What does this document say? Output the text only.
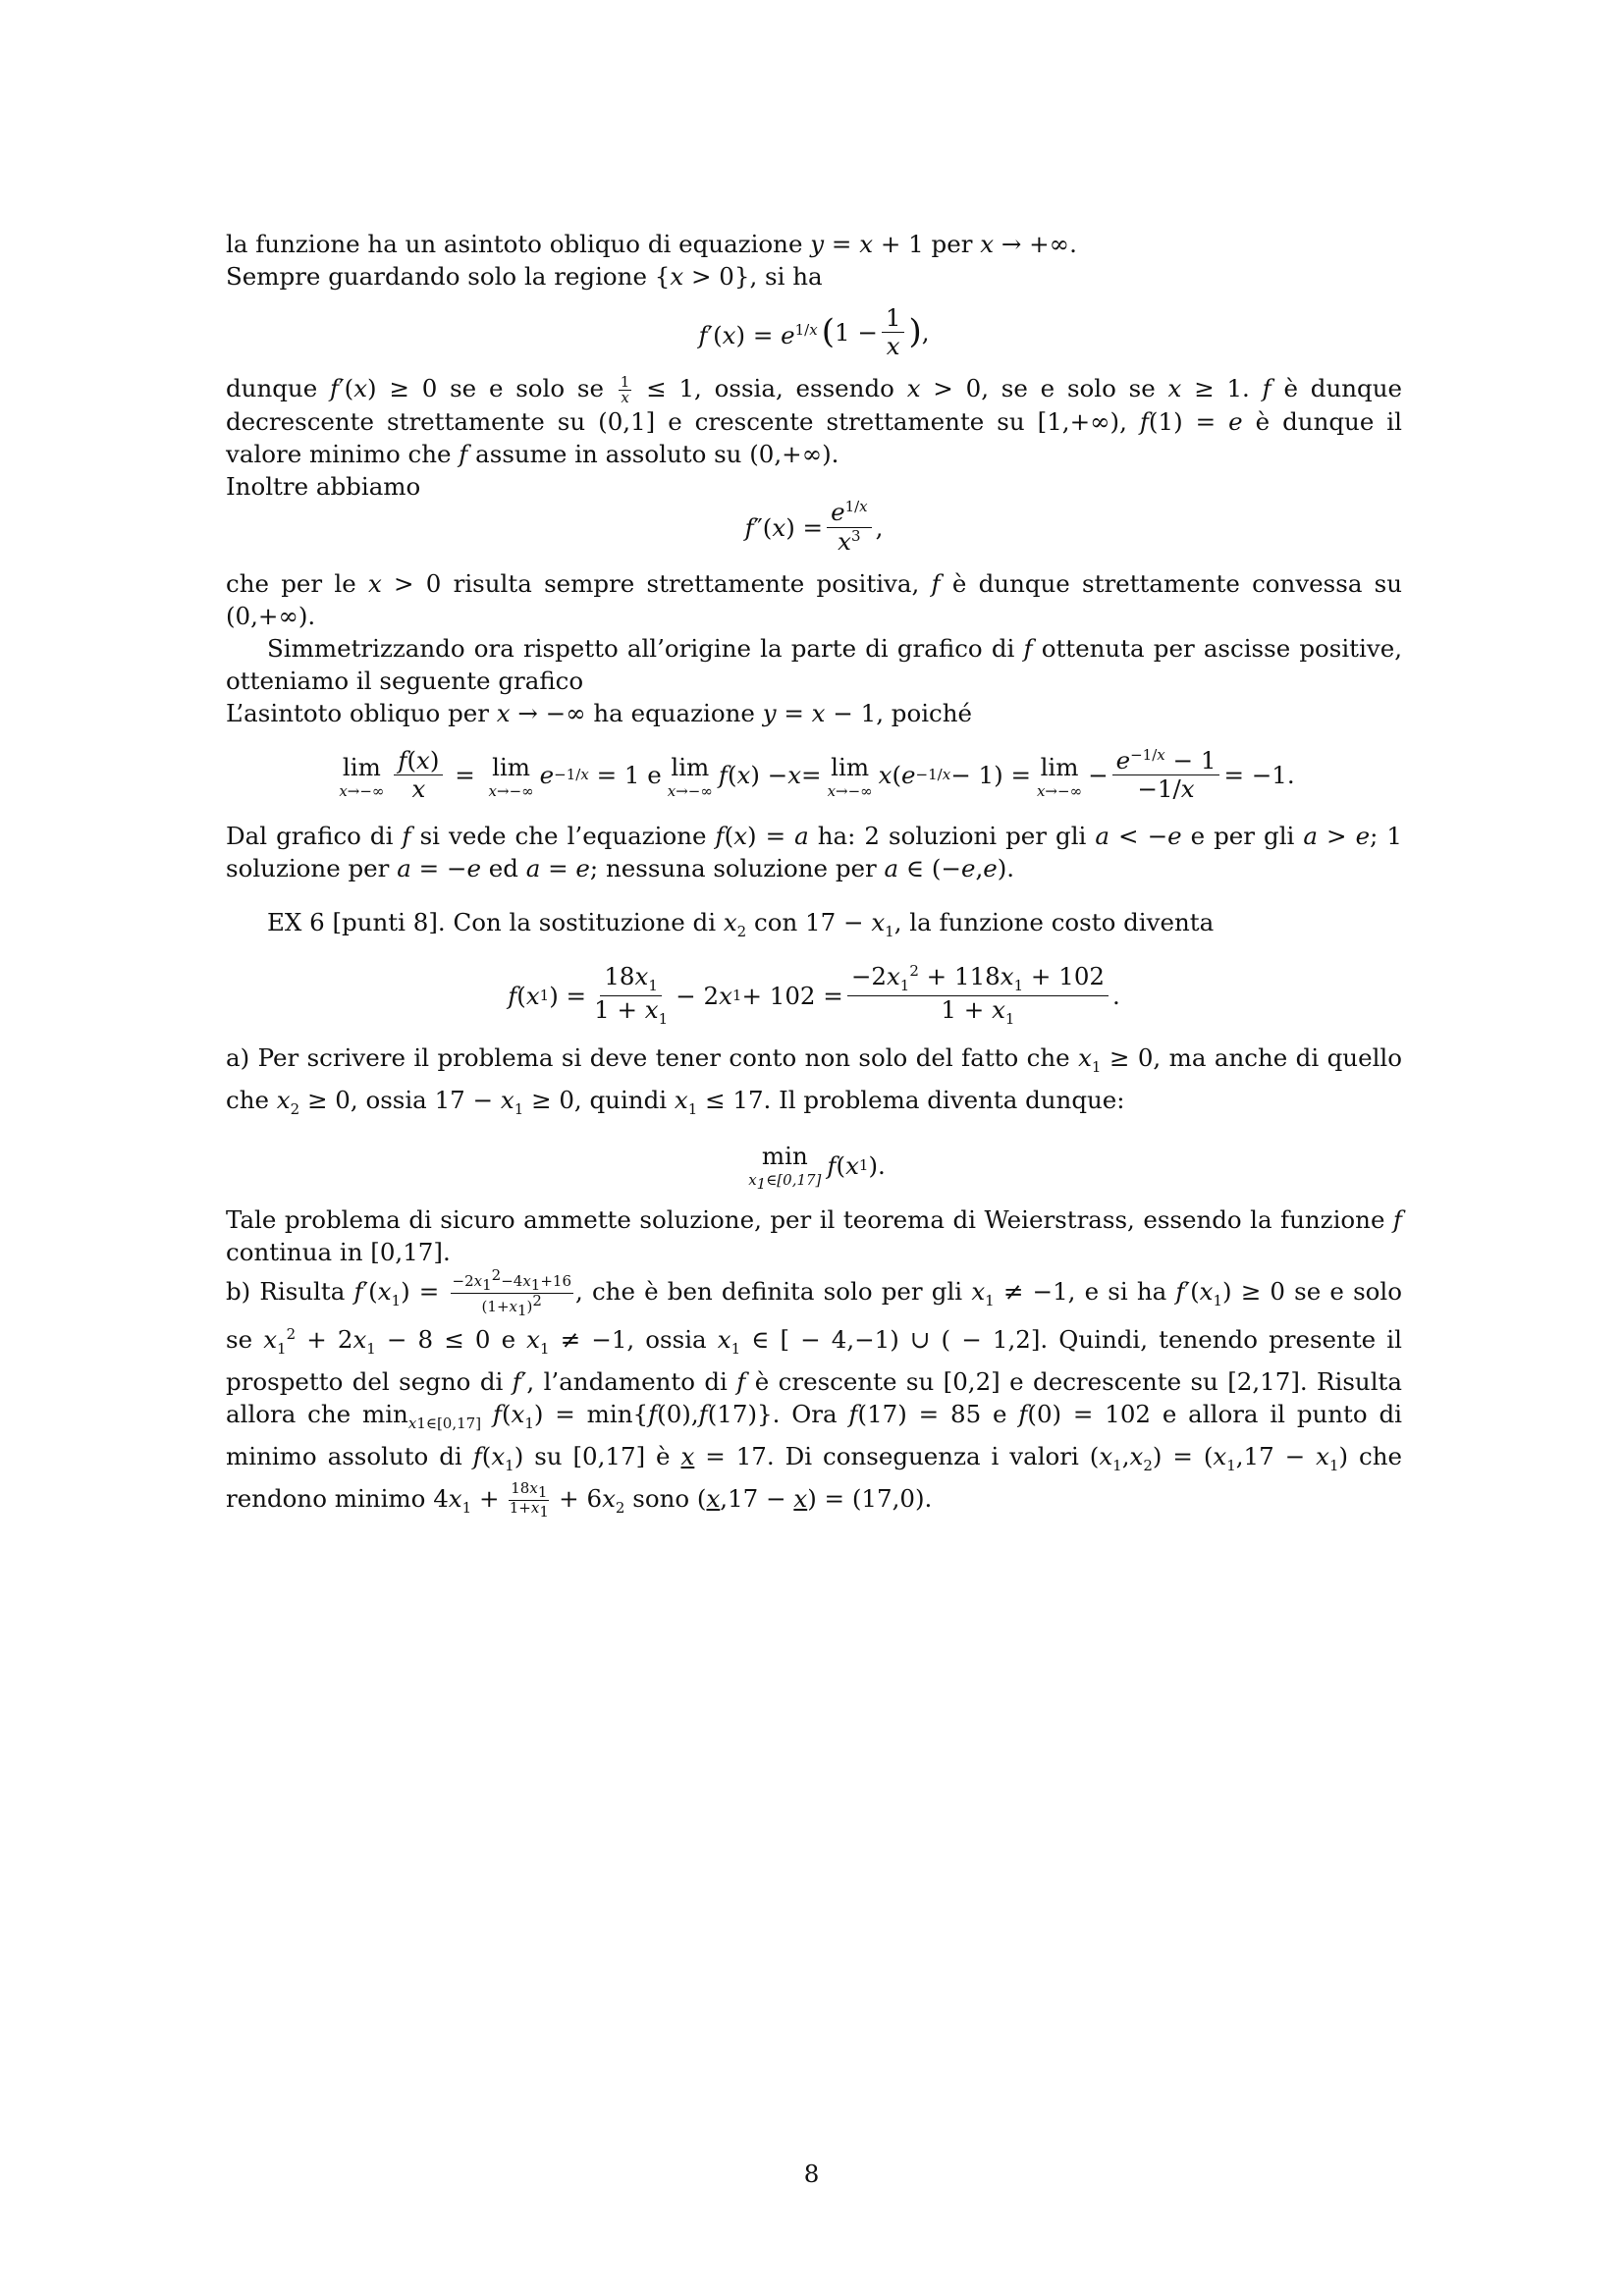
la funzione ha un asintoto obliquo di equazione y = x + 1 per x → +∞.
Sempre guardando solo la regione {x > 0}, si ha

$f'(x) = e^{1/x}$ ( $1 - \frac{1}{x}$ ) ,

dunque f′(x) ≥ 0 se e solo se $\frac{1}{x} \le 1$, ossia, essendo x > 0, se e solo se x ≥ 1. f è dunque decrescente strettamente su (0,1] e crescente strettamente su [1,+∞), f(1) = e è dunque il valore minimo che f assume in assoluto su (0,+∞).
Inoltre abbiamo

f ″( x ) = $\frac{e^{1/x}}{x^3}$ ,

che per le x > 0 risulta sempre strettamente positiva, f è dunque strettamente convessa su (0,+∞).

Simmetrizzando ora rispetto all’origine la parte di grafico di f ottenuta per ascisse positive, otteniamo il seguente grafico

L’asintoto obliquo per x → −∞ ha equazione y = x − 1, poiché

lim
$x\to-\infty \frac{f(x)}{x} = \lim$
x→−∞
e −1/x = 1 e lim
x→−∞
f ( x ) − x = lim
x→−∞
x ( e −1/x − 1) = lim
x→−∞
− $\frac{e^{-1/x} - 1}{-1/x} = -1$.

Dal grafico di f si vede che l’equazione f(x) = a ha: 2 soluzioni per gli a < −e e per gli a > e; 1 soluzione per a = −e ed a = e; nessuna soluzione per a ∈ (−e,e).

EX 6 [punti 8]. Con la sostituzione di $x_2$ con $17 - x_1$, la funzione costo diventa

f ( x 1 ) = $\frac{18x_1}{1 + x_1} - 2$ x $1 + 102 = \frac{-2x_1^2 + 118x_1 + 102}{1 + x_1}$ .

a) Per scrivere il problema si deve tener conto non solo del fatto che $x_1 \ge 0$, ma anche di quello che $x_2 \ge 0$, ossia $17 - x_1 \ge 0$, quindi $x_1 \le 17$. Il problema diventa dunque:

min
$x_1\in[0,17]$ f ( x 1 ).

Tale problema di sicuro ammette soluzione, per il teorema di Weierstrass, essendo la funzione f continua in [0,17].

b) Risulta $f'(x_1) = \frac{-2x_1^2-4x_1+16}{(1+x_1)^2}$ , che è ben definita solo per gli $x_1 \ne -1$, e si ha $f'(x_1) \ge 0$ se e solo se $x_1^2 + 2x_1 - 8 \le 0$ e $x_1 \ne -1$, ossia $x_1$ ∈ [ − 4,−1) ∪ ( − 1,2]. Quindi, tenendo presente il prospetto del segno di f′, l’andamento di f è crescente su [0,2] e decrescente su [2,17]. Risulta allora che $\min_{x1\in[0,17]} f(x_1) = \min\{f(0),f(17)\}$. Ora f(17) = 85 e f(0) = 102 e allora il punto di minimo assoluto di $f(x_1)$ su [0,17] è x = 17. Di conseguenza i valori $(x_1,x_2) = (x_1,17 - x_1)$ che rendono minimo $4x_1 + \frac{18x_1}{1+x_1} + 6x_2$ sono (x,17 − x) = (17,0).

8
